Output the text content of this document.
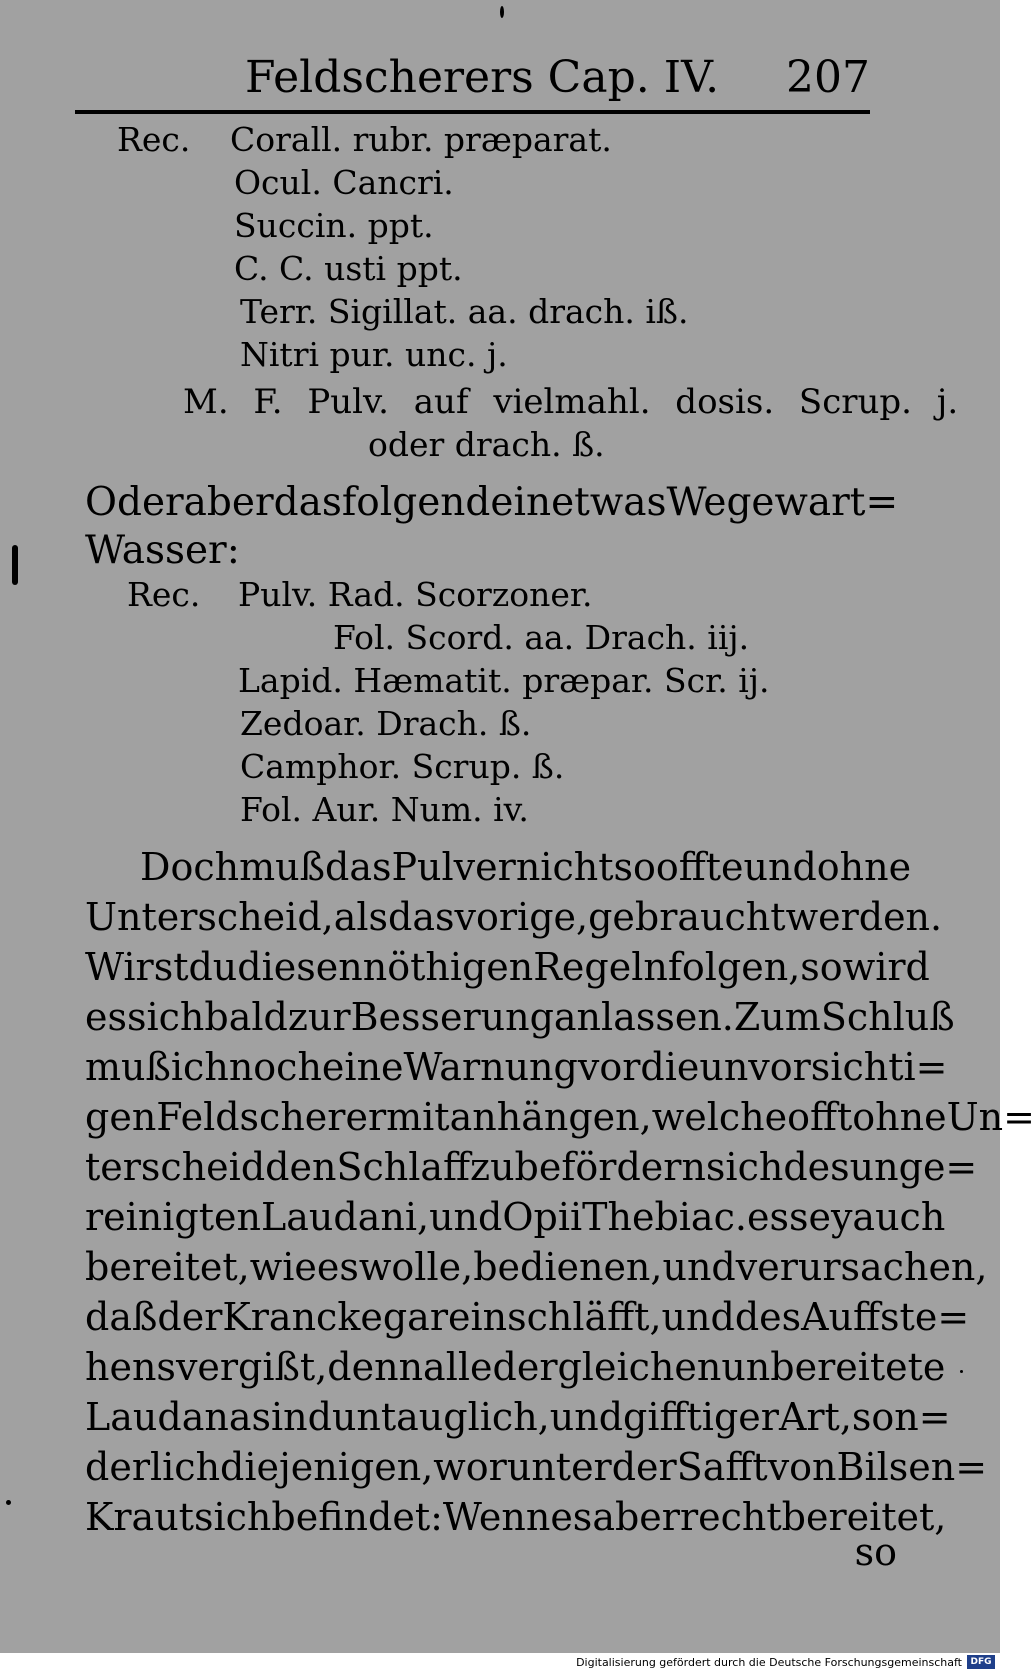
Feldscherers Cap. IV. 207
Rec. Corall. rubr. præparat.
Ocul. Cancri.
Succin. ppt.
C. C. usti ppt.
Terr. Sigillat. aa. drach. iß.
Nitri pur. unc. j.
M. F. Pulv. auf vielmahl. dosis. Scrup. j.
oder drach. ß.
Oder aber das folgende in etwas Wegewart=
Wasser:
Rec. Pulv. Rad. Scorzoner.
Fol. Scord. aa. Drach. iij.
Lapid. Hæmatit. præpar. Scr. ij.
Zedoar. Drach. ß.
Camphor. Scrup. ß.
Fol. Aur. Num. iv.
Doch muß das Pulver nicht so offte und ohne
Unterscheid, als das vorige, gebraucht werden.
Wirst du diesen nöthigen Regeln folgen, so wird
es sich bald zur Besserung anlassen. Zum Schluß
muß ich noch eine Warnung vor die unvorsichti=
gen Feldscherer mit anhängen, welche offt ohne Un=
terscheid den Schlaff zu befördern sich des unge=
reinigten Laudani, und Opii Thebiac. es sey auch
bereitet, wie es wolle, bedienen, und verursachen,
daß der Krancke gar einschläfft, und des Auffste=
hens vergißt, denn alle dergleichen unbereitete
Laudana sind untauglich, und gifftiger Art, son=
derlich diejenigen, worunter der Safft von Bilsen=
Kraut sich befindet: Wenn es aber recht bereitet,
so
Digitalisierung gefördert durch die Deutsche Forschungsgemeinschaft DFG
